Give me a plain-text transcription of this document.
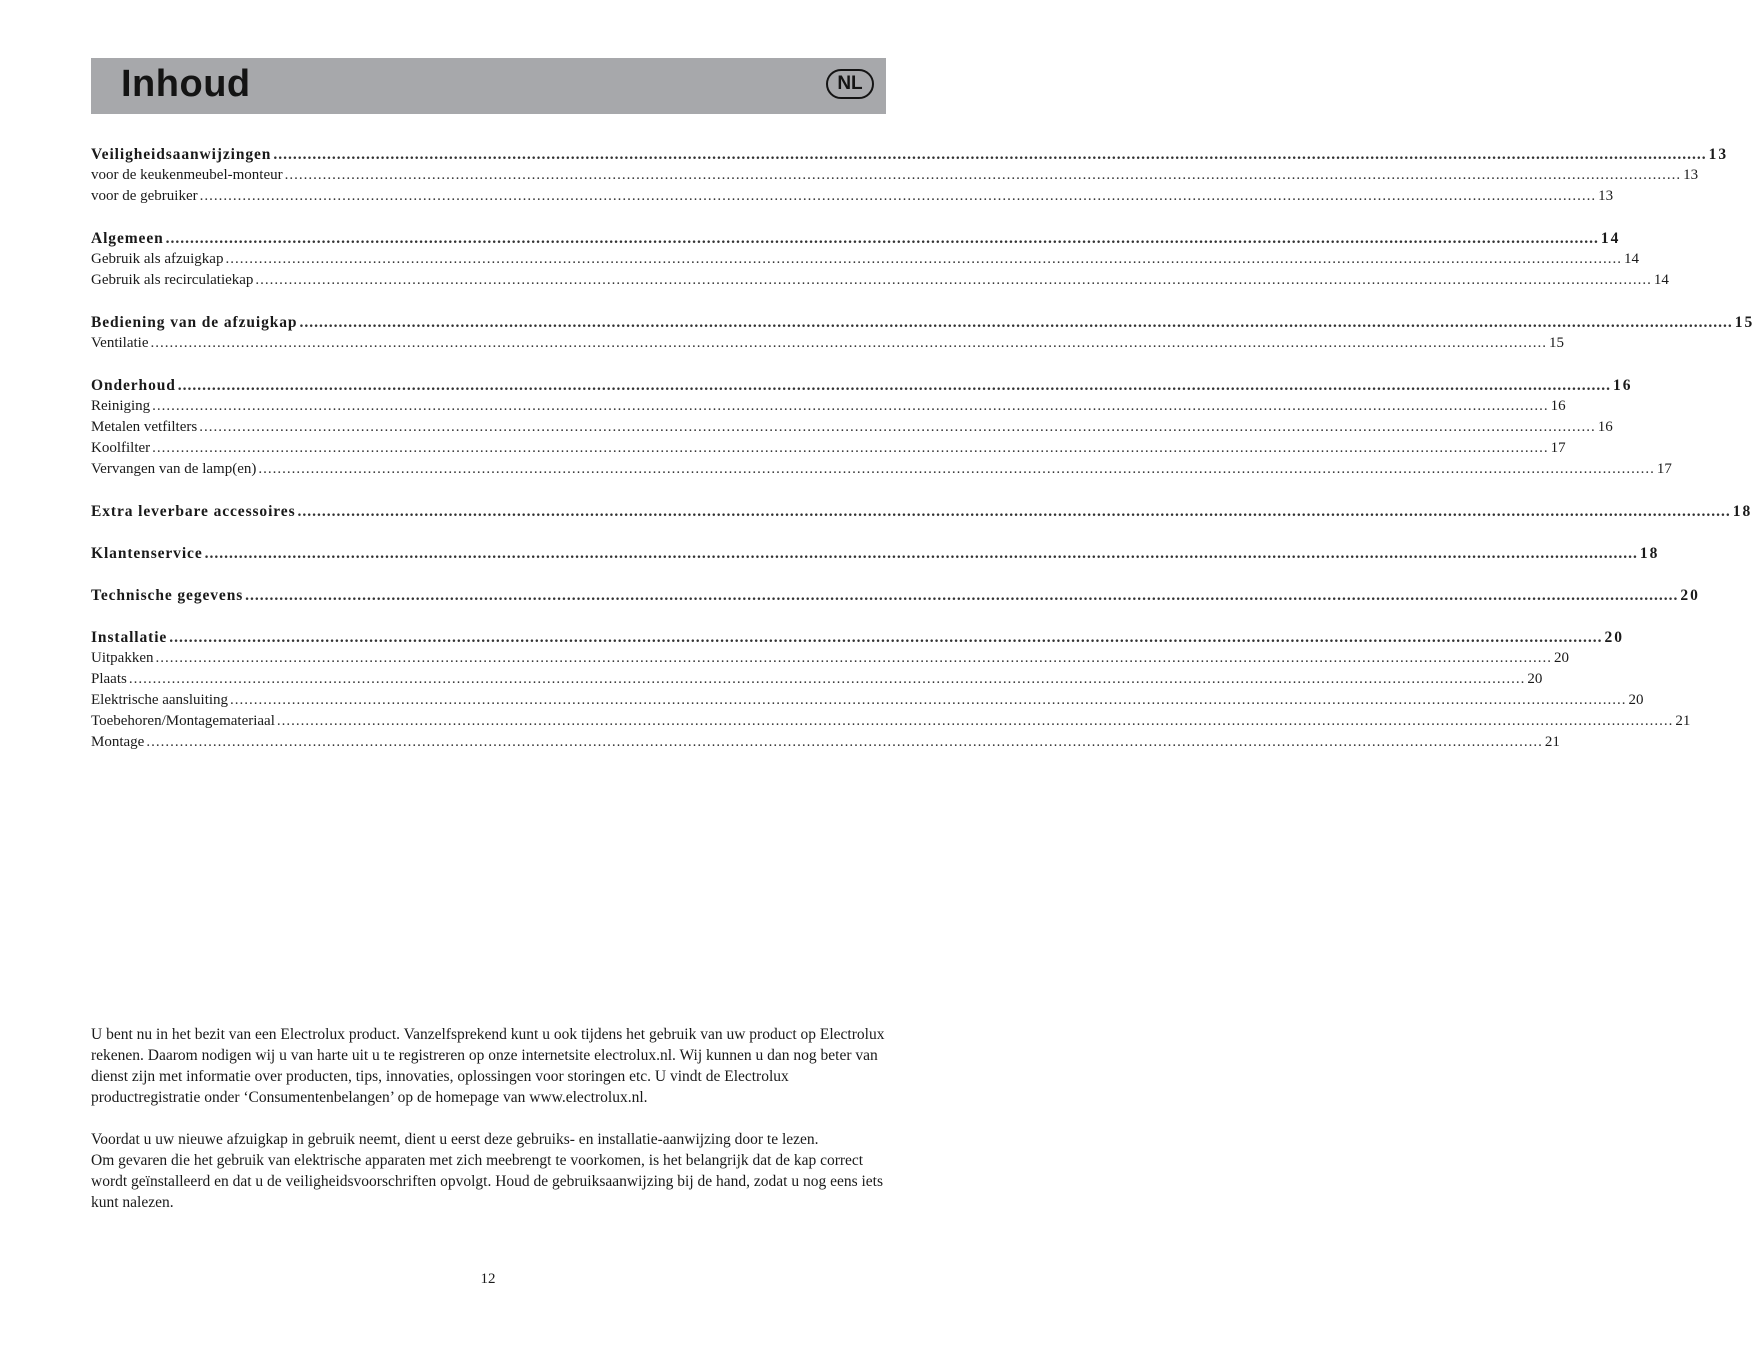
Inhoud	NL
Veiligheidsaanwijzingen .....	13
voor de keukenmeubel-monteur .....	13
voor de gebruiker .....	13
Algemeen .....	14
Gebruik als afzuigkap .....	14
Gebruik als recirculatiekap .....	14
Bediening van de afzuigkap .....	15
Ventilatie .....	15
Onderhoud .....	16
Reiniging .....	16
Metalen vetfilters .....	16
Koolfilter .....	17
Vervangen van de lamp(en) .....	17
Extra leverbare accessoires .....	18
Klantenservice .....	18
Technische gegevens .....	20
Installatie .....	20
Uitpakken .....	20
Plaats .....	20
Elektrische aansluiting .....	20
Toebehoren/Montagemateriaal .....	21
Montage .....	21

U bent nu in het bezit van een Electrolux product. Vanzelfsprekend kunt u ook tijdens het gebruik van uw product op Electrolux rekenen. Daarom nodigen wij u van harte uit u te registreren op onze internetsite electrolux.nl. Wij kunnen u dan nog beter van dienst zijn met informatie over producten, tips, innovaties, oplossingen voor storingen etc. U vindt de Electrolux productregistratie onder ‘Consumentenbelangen’ op de homepage van www.electrolux.nl.

Voordat u uw nieuwe afzuigkap in gebruik neemt, dient u eerst deze gebruiks- en installatie-aanwijzing door te lezen.

Om gevaren die het gebruik van elektrische apparaten met zich meebrengt te voorkomen, is het belangrijk dat de kap correct wordt geïnstalleerd en dat u de veiligheidsvoorschriften opvolgt. Houd de gebruiksaanwijzing bij de hand, zodat u nog eens iets kunt nalezen.

12
